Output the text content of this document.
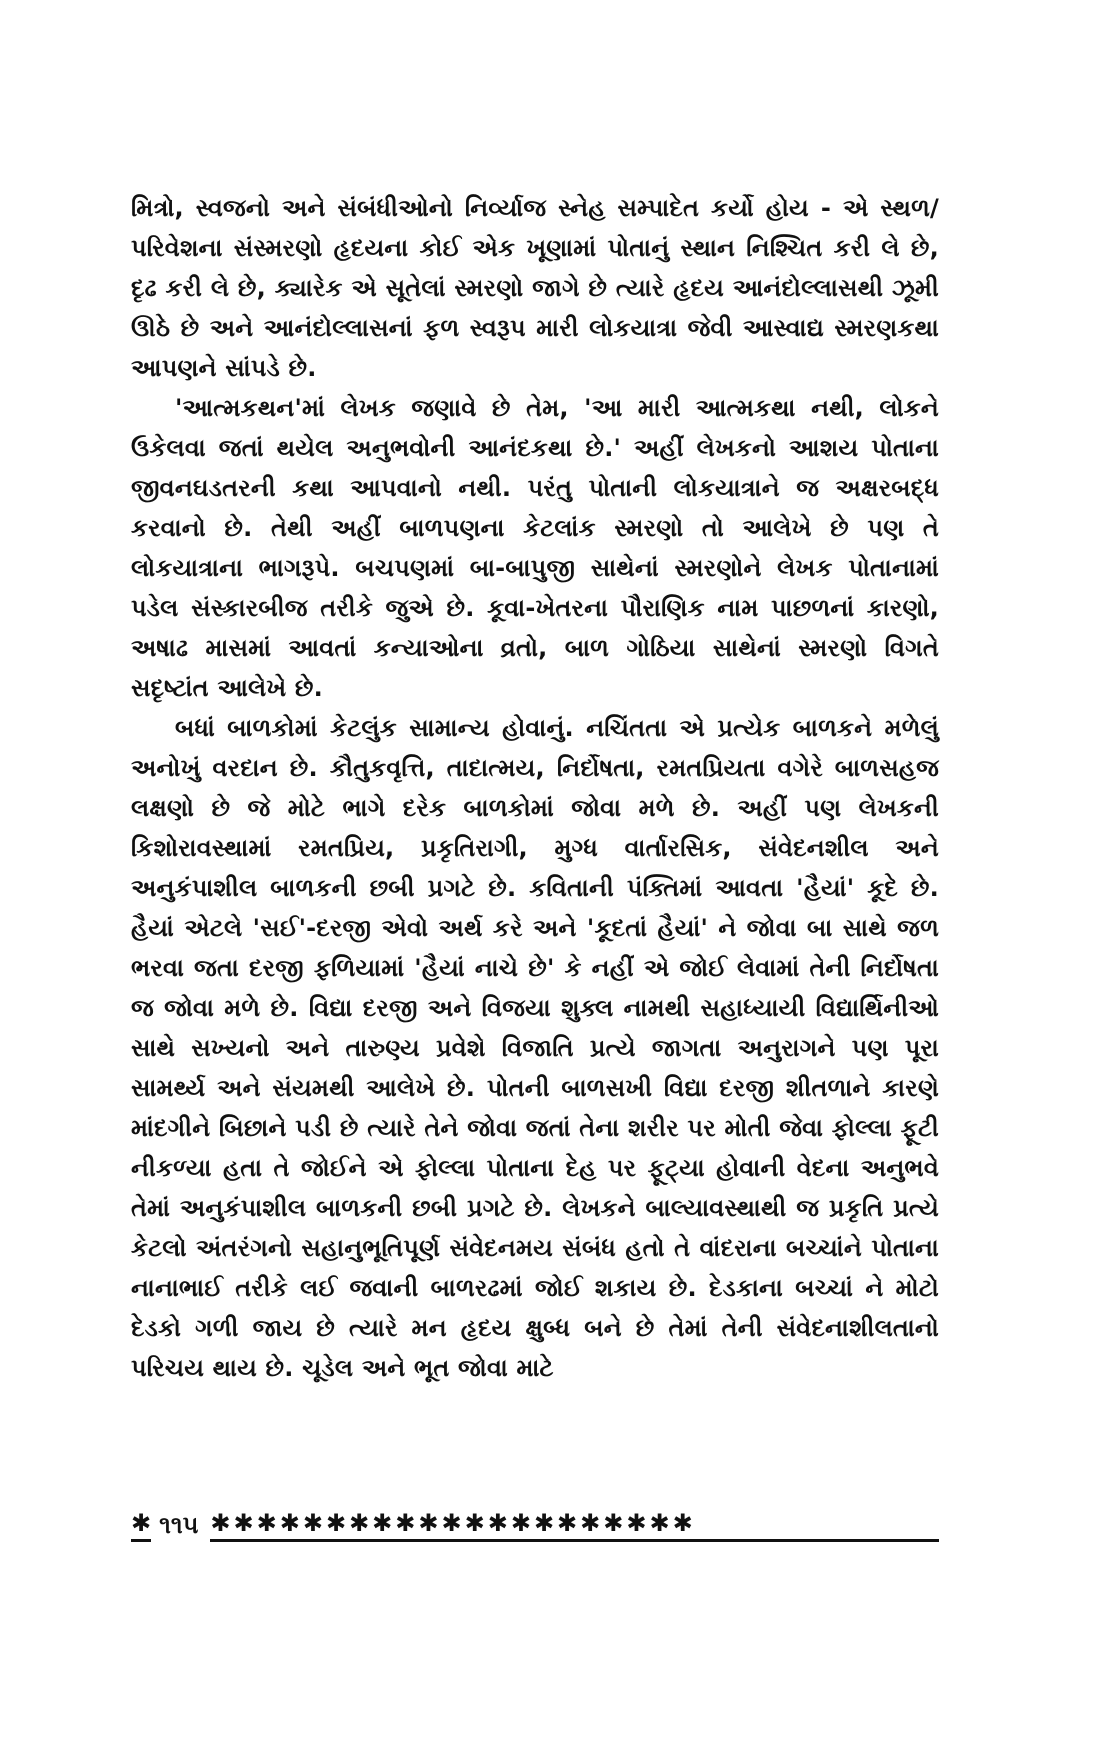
મિત્રો, સ્વજનો અને સંબંધીઓનો નિર્વ્યાજ સ્નેહ સમ્પાદેત કર્યો હોય - એ સ્થળ/પરિવેશના સંસ્મરણો હૃદયના કોઈ એક ખૂણામાં પોતાનું સ્થાન નિશ્ચિત કરી લે છે, દૃઢ કરી લે છે, ક્યારેક એ સૂતેલાં સ્મરણો જાગે છે ત્યારે હૃદય આનંદોલ્લાસથી ઝૂમી ઊઠે છે અને આનંદોલ્લાસનાં ફળ સ્વરૂપ મારી લોકયાત્રા જેવી આસ્વાદ્ય સ્મરણકથા આપણને સાંપડે છે.

'આત્મકથન'માં લેખક જણાવે છે તેમ, 'આ મારી આત્મકથા નથી, લોકને ઉકેલવા જતાં થયેલ અનુભવોની આનંદકથા છે.' અહીં લેખકનો આશય પોતાના જીવનઘડતરની કથા આપવાનો નથી. પરંતુ પોતાની લોકયાત્રાને જ અક્ષરબદ્ધ કરવાનો છે. તેથી અહીં બાળપણના કેટલાંક સ્મરણો તો આલેખે છે પણ તે લોકયાત્રાના ભાગરૂપે. બચપણમાં બા-બાપુજી સાથેનાં સ્મરણોને લેખક પોતાનામાં પડેલ સંસ્કારબીજ તરીકે જુએ છે. કૂવા-ખેતરના પૌરાણિક નામ પાછળનાં કારણો, અષાઢ માસમાં આવતાં કન્યાઓના વ્રતો, બાળ ગોઠિયા સાથેનાં સ્મરણો વિગતે સદૃષ્ટાંત આલેખે છે.

બધાં બાળકોમાં કેટલુંક સામાન્ય હોવાનું. નચિંતતા એ પ્રત્યેક બાળકને મળેલું અનોખું વરદાન છે. કૌતુકવૃત્તિ, તાદાત્મય, નિર્દોષતા, રમતપ્રિયતા વગેરે બાળસહજ લક્ષણો છે જે મોટે ભાગે દરેક બાળકોમાં જોવા મળે છે. અહીં પણ લેખકની કિશોરાવસ્થામાં રમતપ્રિય, પ્રકૃતિરાગી, મુગ્ધ વાર્તારસિક, સંવેદનશીલ અને અનુકંપાશીલ બાળકની છબી પ્રગટે છે. કવિતાની પંક્તિમાં આવતા 'હૈયાં' કૂદે છે. હૈયાં એટલે 'સઈ'-દરજી એવો અર્થ કરે અને 'કૂદતાં હૈયાં' ને જોવા બા સાથે જળ ભરવા જતા દરજી ફળિયામાં 'હૈયાં નાચે છે' કે નહીં એ જોઈ લેવામાં તેની નિર્દોષતા જ જોવા મળે છે. વિદ્યા દરજી અને વિજયા શુક્લ નામથી સહાધ્યાયી વિદ્યાર્થિનીઓ સાથે સખ્યનો અને તારુણ્ય પ્રવેશે વિજાતિ પ્રત્યે જાગતા અનુરાગને પણ પૂરા સામર્થ્ય અને સંયમથી આલેખે છે. પોતની બાળસખી વિદ્યા દરજી શીતળાને કારણે માંદગીને બિછાને પડી છે ત્યારે તેને જોવા જતાં તેના શરીર પર મોતી જેવા ફોલ્લા ફૂટી નીકળ્યા હતા તે જોઈને એ ફોલ્લા પોતાના દેહ પર ફૂટ્યા હોવાની વેદના અનુભવે તેમાં અનુકંપાશીલ બાળકની છબી પ્રગટે છે. લેખકને બાલ્યાવસ્થાથી જ પ્રકૃતિ પ્રત્યે કેટલો અંતરંગનો સહાનુભૂતિપૂર્ણ સંવેદનમય સંબંધ હતો તે વાંદરાના બચ્ચાંને પોતાના નાનાભાઈ તરીકે લઈ જવાની બાળરઢમાં જોઈ શકાય છે. દેડકાના બચ્ચાં ને મોટો દેડકો ગળી જાય છે ત્યારે મન હૃદય ક્ષુબ્ધ બને છે તેમાં તેની સંવેદનાશીલતાનો પરિચય થાય છે. ચૂડેલ અને ભૂત જોવા માટે

✱ ૧૧૫ ✱✱✱✱✱✱✱✱✱✱✱✱✱✱✱✱✱✱✱✱✱
